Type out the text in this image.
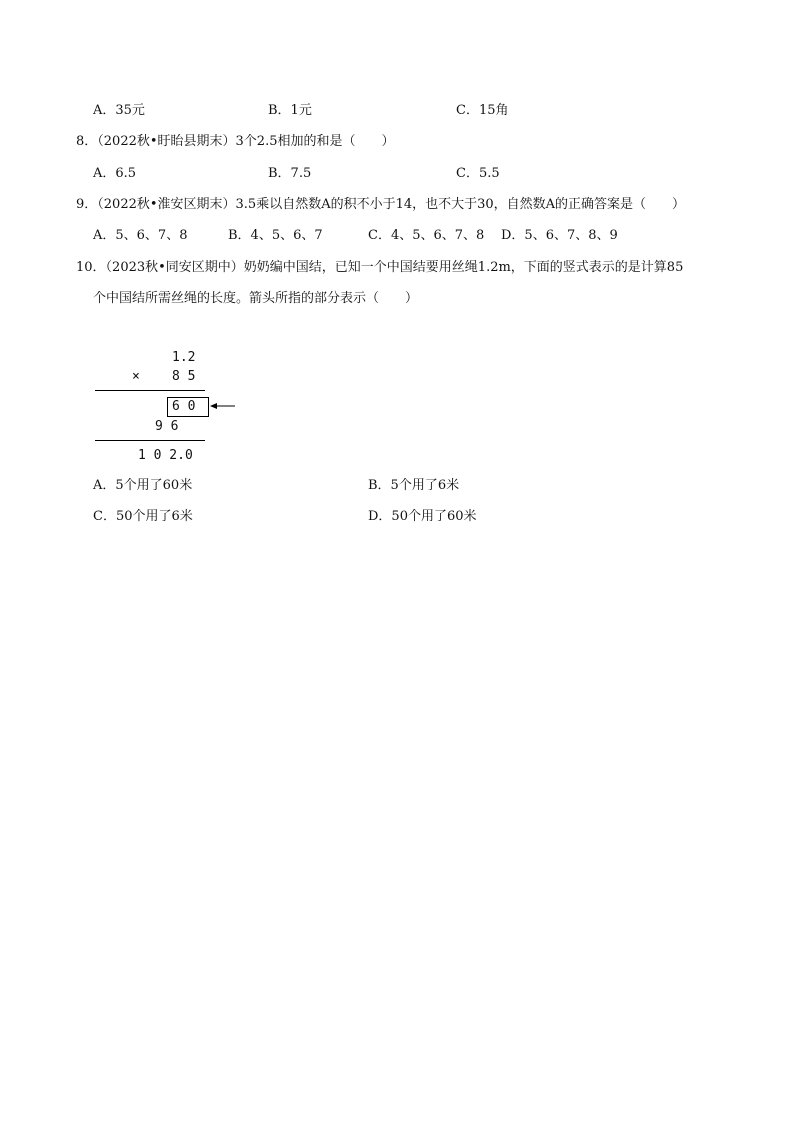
A．35元	B．1元	C．15角
8．（2022秋•盱眙县期末）3个2.5相加的和是（　　）
A．6.5	B．7.5	C．5.5
9．（2022秋•淮安区期末）3.5乘以自然数A的积不小于14，也不大于30，自然数A的正确答案是（　　）
A．5、6、7、8	B．4、5、6、7	C．4、5、6、7、8 D．5、6、7、8、9
10．（2023秋•同安区期中）奶奶编中国结，已知一个中国结要用丝绳1.2m，下面的竖式表示的是计算85
个中国结所需丝绳的长度。箭头所指的部分表示（　　）
1.2
× 8 5
6 0
9 6
1 0 2.0
A．5个用了60米	B．5个用了6米
C．50个用了6米	D．50个用了60米
